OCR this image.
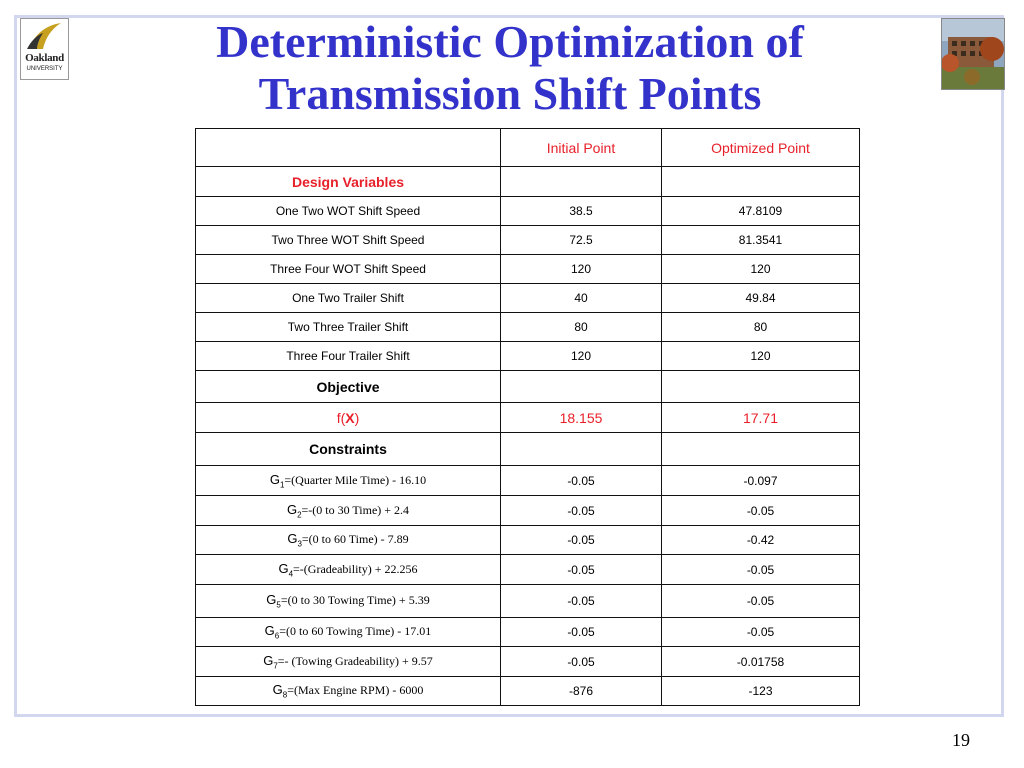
Oakland
UNIVERSITY
Deterministic Optimization of
Transmission Shift Points
	Initial Point	Optimized Point
Design Variables		
One Two WOT Shift Speed	38.5	47.8109
Two Three WOT Shift Speed	72.5	81.3541
Three Four WOT Shift Speed	120	120
One Two Trailer Shift	40	49.84
Two Three Trailer Shift	80	80
Three Four Trailer Shift	120	120
Objective		
f(X)	18.155	17.71
Constraints		
$G_1=(Quarter$ Mile Time) - 16.10	-0.05	-0.097
$G_2=-(0$ to 30 Time) + 2.4	-0.05	-0.05
$G_3=(0$ to 60 Time) - 7.89	-0.05	-0.42
$G_4=-(Gradeability) + 22.256$	-0.05	-0.05
$G_5=(0$ to 30 Towing Time) + 5.39	-0.05	-0.05
$G_6=(0$ to 60 Towing Time) - 17.01	-0.05	-0.05
$G_7=-$ (Towing Gradeability) + 9.57	-0.05	-0.01758
$G_8=(Max$ Engine RPM) - 6000	-876	-123
19
